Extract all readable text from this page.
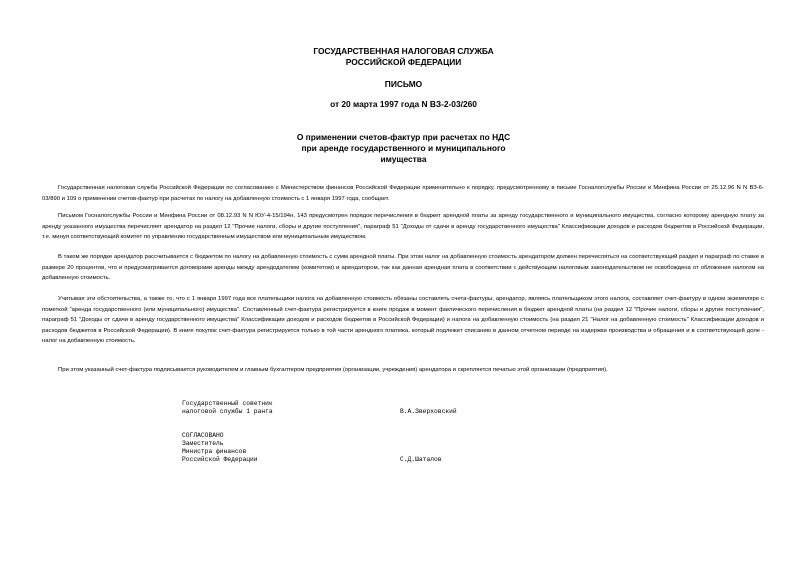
ГОСУДАРСТВЕННАЯ НАЛОГОВАЯ СЛУЖБА
РОССИЙСКОЙ ФЕДЕРАЦИИ
ПИСЬМО
от 20 марта 1997 года N ВЗ-2-03/260
О применении счетов-фактур при расчетах по НДС
при аренде государственного и муниципального
имущества
Государственная налоговая служба Российской Федерации по согласованию с Министерством финансов Российской Федерации применительно к порядку, предусмотренному в письме Госналогслужбы России и Минфина России от 25.12.96 N N ВЗ-6-03/890 и 109 о применении счетов-фактур при расчетах по налогу на добавленную стоимость с 1 января 1997 года, сообщает.
Письмом Госналогслужбы России и Минфина России от 08.12.93 N N ЮУ-4-15/194н, 143 предусмотрен порядок перечисления в бюджет арендной платы за аренду государственного и муниципального имущества, согласно которому арендную плату за аренду указанного имущества перечисляет арендатор на раздел 12 "Прочие налоги, сборы и другие поступления", параграф 51 "Доходы от сдачи в аренду государственного имущества" Классификации доходов и расходов бюджетов в Российской Федерации, т.е. минуя соответствующий комитет по управлению государственным имуществом или муниципальным имуществом.
В таком же порядке арендатор рассчитывается с бюджетом по налогу на добавленную стоимость с сумм арендной платы. При этом налог на добавленную стоимость арендатором должен перечисляться на соответствующий раздел и параграф по ставке в размере 20 процентов, что и предусматривается договорами аренды между арендодателем (комитетом) и арендатором, так как данная арендная плата в соответствии с действующим налоговым законодательством не освобождена от обложения налогом на добавленную стоимость.
Учитывая эти обстоятельства, а также то, что с 1 января 1997 года все плательщики налога на добавленную стоимость обязаны составлять счета-фактуры, арендатор, являясь плательщиком этого налога, составляет счет-фактуру в одном экземпляре с пометкой "аренда государственного (или муниципального) имущества". Составленный счет-фактура регистрируется в книге продаж в момент фактического перечисления в бюджет арендной платы (на раздел 12 "Прочие налоги, сборы и другие поступления", параграф 51 "Доходы от сдачи в аренду государственного имущества" Классификации доходов и расходов бюджетов в Российской Федерации) и налога на добавленную стоимость (на раздел 21 "Налог на добавленную стоимость" Классификации доходов и расходов бюджетов в Российской Федерации). В книге покупок счет-фактура регистрируется только в той части арендного платежа, который подлежит списанию в данном отчетном периоде на издержки производства и обращения и в соответствующей доле - налог на добавленную стоимость.
При этом указанный счет-фактура подписывается руководителем и главным бухгалтером предприятия (организации, учреждения) арендатора и скрепляется печатью этой организации (предприятия).
Государственный советник
налоговой службы 1 ранга	В.А.Зверховский
СОГЛАСОВАНО
Заместитель
Министра финансов
Российской Федерации	С.Д.Шаталов
